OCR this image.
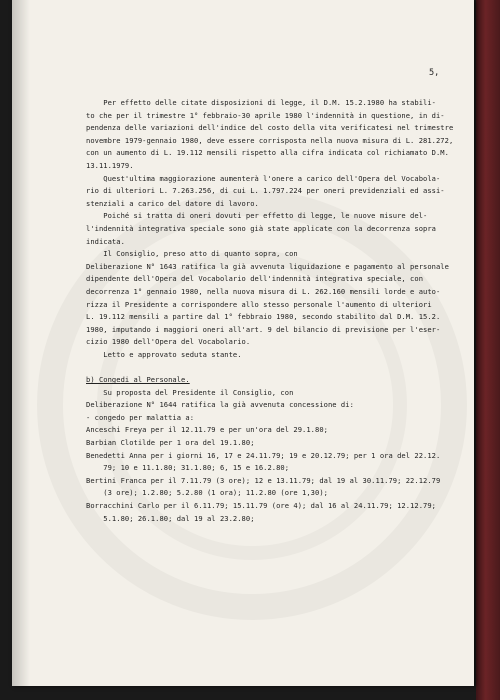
5,
Per effetto delle citate disposizioni di legge, il D.M. 15.2.1980 ha stabili-
to che per il trimestre 1° febbraio-30 aprile 1980 l'indennità in questione, in di-
pendenza delle variazioni dell'indice del costo della vita verificatesi nel trimestre
novembre 1979-gennaio 1980, deve essere corrisposta nella nuova misura di L. 281.272,
con un aumento di L. 19.112 mensili rispetto alla cifra indicata col richiamato D.M.
13.11.1979.
Quest'ultima maggiorazione aumenterà l'onere a carico dell'Opera del Vocabola-
rio di ulteriori L. 7.263.256, di cui L. 1.797.224 per oneri previdenziali ed assi-
stenziali a carico del datore di lavoro.
Poiché si tratta di oneri dovuti per effetto di legge, le nuove misure del-
l'indennità integrativa speciale sono già state applicate con la decorrenza sopra
indicata.
Il Consiglio, preso atto di quanto sopra, con
Deliberazione N° 1643 ratifica la già avvenuta liquidazione e pagamento al personale
dipendente dell'Opera del Vocabolario dell'indennità integrativa speciale, con
decorrenza 1° gennaio 1980, nella nuova misura di L. 262.160 mensili lorde e auto-
rizza il Presidente a corrispondere allo stesso personale l'aumento di ulteriori
L. 19.112 mensili a partire dal 1° febbraio 1980, secondo stabilito dal D.M. 15.2.
1980, imputando i maggiori oneri all'art. 9 del bilancio di previsione per l'eser-
cizio 1980 dell'Opera del Vocabolario.
Letto e approvato seduta stante.
b) Congedi al Personale.
Su proposta del Presidente il Consiglio, con
Deliberazione N° 1644 ratifica la già avvenuta concessione di:
- congedo per malattia a:
Anceschi Freya per il 12.11.79 e per un'ora del 29.1.80;
Barbian Clotilde per 1 ora del 19.1.80;
Benedetti Anna per i giorni 16, 17 e 24.11.79; 19 e 20.12.79; per 1 ora del 22.12.
79; 10 e 11.1.80; 31.1.80; 6, 15 e 16.2.80;
Bertini Franca per il 7.11.79 (3 ore); 12 e 13.11.79; dal 19 al 30.11.79; 22.12.79
(3 ore); 1.2.80; 5.2.80 (1 ora); 11.2.80 (ore 1,30);
Borracchini Carlo per il 6.11.79; 15.11.79 (ore 4); dal 16 al 24.11.79; 12.12.79;
5.1.80; 26.1.80; dal 19 al 23.2.80;
